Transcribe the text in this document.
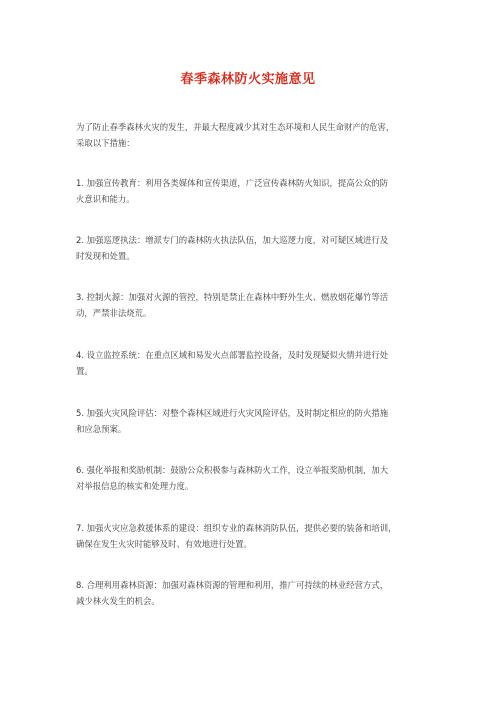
春季森林防火实施意见
为了防止春季森林火灾的发生，并最大程度减少其对生态环境和人民生命财产的危害，
采取以下措施：
1. 加强宣传教育：利用各类媒体和宣传渠道，广泛宣传森林防火知识，提高公众的防
火意识和能力。
2. 加强巡逻执法：增派专门的森林防火执法队伍，加大巡逻力度，对可疑区域进行及
时发现和处置。
3. 控制火源：加强对火源的管控，特别是禁止在森林中野外生火、燃放烟花爆竹等活
动，严禁非法烧荒。
4. 设立监控系统：在重点区域和易发火点部署监控设备，及时发现疑似火情并进行处
置。
5. 加强火灾风险评估：对整个森林区域进行火灾风险评估，及时制定相应的防火措施
和应急预案。
6. 强化举报和奖励机制：鼓励公众积极参与森林防火工作，设立举报奖励机制，加大
对举报信息的核实和处理力度。
7. 加强火灾应急救援体系的建设：组织专业的森林消防队伍，提供必要的装备和培训，
确保在发生火灾时能够及时、有效地进行处置。
8. 合理利用森林资源：加强对森林资源的管理和利用，推广可持续的林业经营方式，
减少林火发生的机会。
